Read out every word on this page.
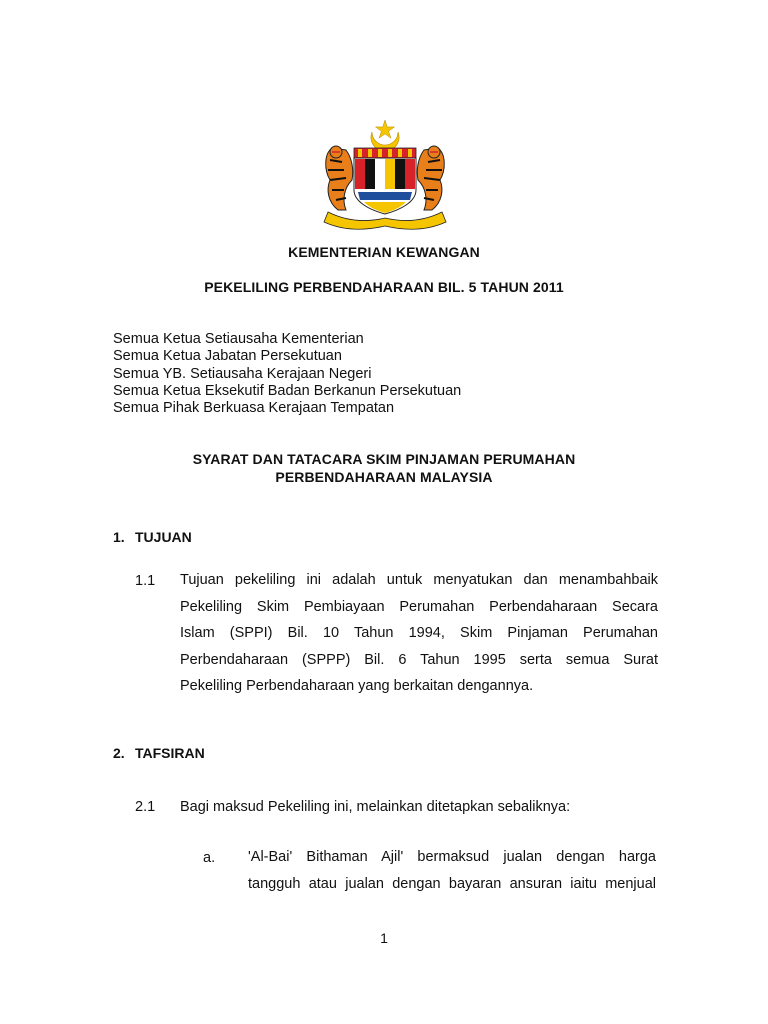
KEMENTERIAN KEWANGAN
PEKELILING PERBENDAHARAAN BIL. 5 TAHUN 2011
Semua Ketua Setiausaha Kementerian
Semua Ketua Jabatan Persekutuan
Semua YB. Setiausaha Kerajaan Negeri
Semua Ketua Eksekutif Badan Berkanun Persekutuan
Semua Pihak Berkuasa Kerajaan Tempatan
SYARAT DAN TATACARA SKIM PINJAMAN PERUMAHAN
PERBENDAHARAAN MALAYSIA
1. TUJUAN
1.1 Tujuan pekeliling ini adalah untuk menyatukan dan menambahbaik
Pekeliling Skim Pembiayaan Perumahan Perbendaharaan Secara
Islam (SPPI) Bil. 10 Tahun 1994, Skim Pinjaman Perumahan
Perbendaharaan (SPPP) Bil. 6 Tahun 1995 serta semua Surat
Pekeliling Perbendaharaan yang berkaitan dengannya.
2. TAFSIRAN
2.1 Bagi maksud Pekeliling ini, melainkan ditetapkan sebaliknya:
a. 'Al-Bai' Bithaman Ajil' bermaksud jualan dengan harga
tangguh atau jualan dengan bayaran ansuran iaitu menjual
1
